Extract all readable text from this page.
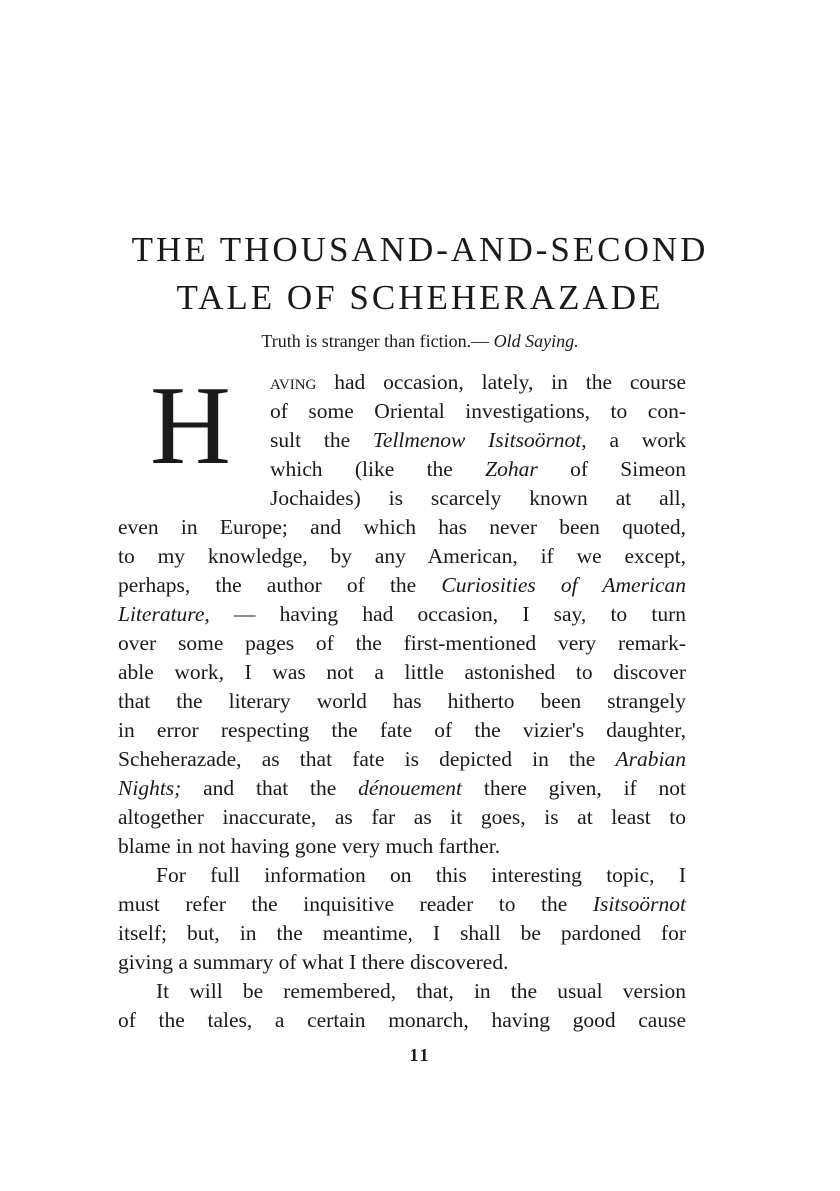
THE THOUSAND-AND-SECOND
TALE OF SCHEHERAZADE
Truth is stranger than fiction.— Old Saying.
H aving had occasion, lately, in the course
of some Oriental investigations, to con-
sult the Tellmenow Isitsoörnot, a work
which (like the Zohar of Simeon
Jochaides) is scarcely known at all,
even in Europe; and which has never been quoted,
to my knowledge, by any American, if we except,
perhaps, the author of the Curiosities of American
Literature, — having had occasion, I say, to turn
over some pages of the first-mentioned very remark-
able work, I was not a little astonished to discover
that the literary world has hitherto been strangely
in error respecting the fate of the vizier's daughter,
Scheherazade, as that fate is depicted in the Arabian
Nights; and that the dénouement there given, if not
altogether inaccurate, as far as it goes, is at least to
blame in not having gone very much farther.
For full information on this interesting topic, I
must refer the inquisitive reader to the Isitsoörnot
itself; but, in the meantime, I shall be pardoned for
giving a summary of what I there discovered.
It will be remembered, that, in the usual version
of the tales, a certain monarch, having good cause
11
